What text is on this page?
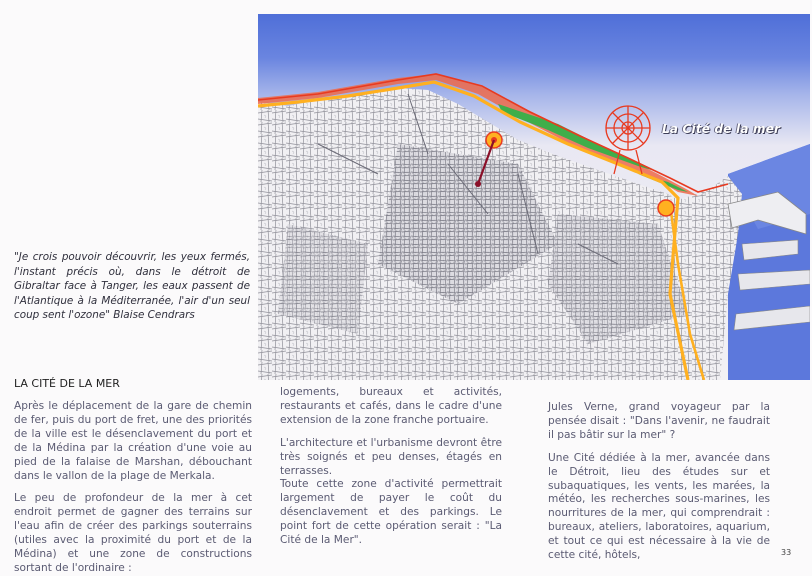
La Cité de la mer

"Je crois pouvoir découvrir, les yeux fermés, l'instant précis où, dans le détroit de Gibraltar face à Tanger, les eaux passent de l'Atlantique à la Méditerranée, l'air d'un seul coup sent l'ozone" Blaise Cendrars

LA CITÉ DE LA MER

Après le déplacement de la gare de chemin de fer, puis du port de fret, une des priorités de la ville est le désenclavement du port et de la Médina par la création d'une voie au pied de la falaise de Marshan, débouchant dans le vallon de la plage de Merkala.

Le peu de profondeur de la mer à cet endroit permet de gagner des terrains sur l'eau afin de créer des parkings souterrains (utiles avec la proximité du port et de la Médina) et une zone de constructions sortant de l'ordinaire :

logements, bureaux et activités, restaurants et cafés, dans le cadre d'une extension de la zone franche portuaire.

L'architecture et l'urbanisme devront être très soignés et peu denses, étagés en terrasses.

Toute cette zone d'activité permettrait largement de payer le coût du désenclavement et des parkings. Le point fort de cette opération serait : "La Cité de la Mer".

Jules Verne, grand voyageur par la pensée disait : "Dans l'avenir, ne faudrait il pas bâtir sur la mer" ?

Une Cité dédiée à la mer, avancée dans le Détroit, lieu des études sur et subaquatiques, les vents, les marées, la météo, les recherches sous-marines, les nourritures de la mer, qui comprendrait : bureaux, ateliers, laboratoires, aquarium, et tout ce qui est nécessaire à la vie de cette cité, hôtels,	33
